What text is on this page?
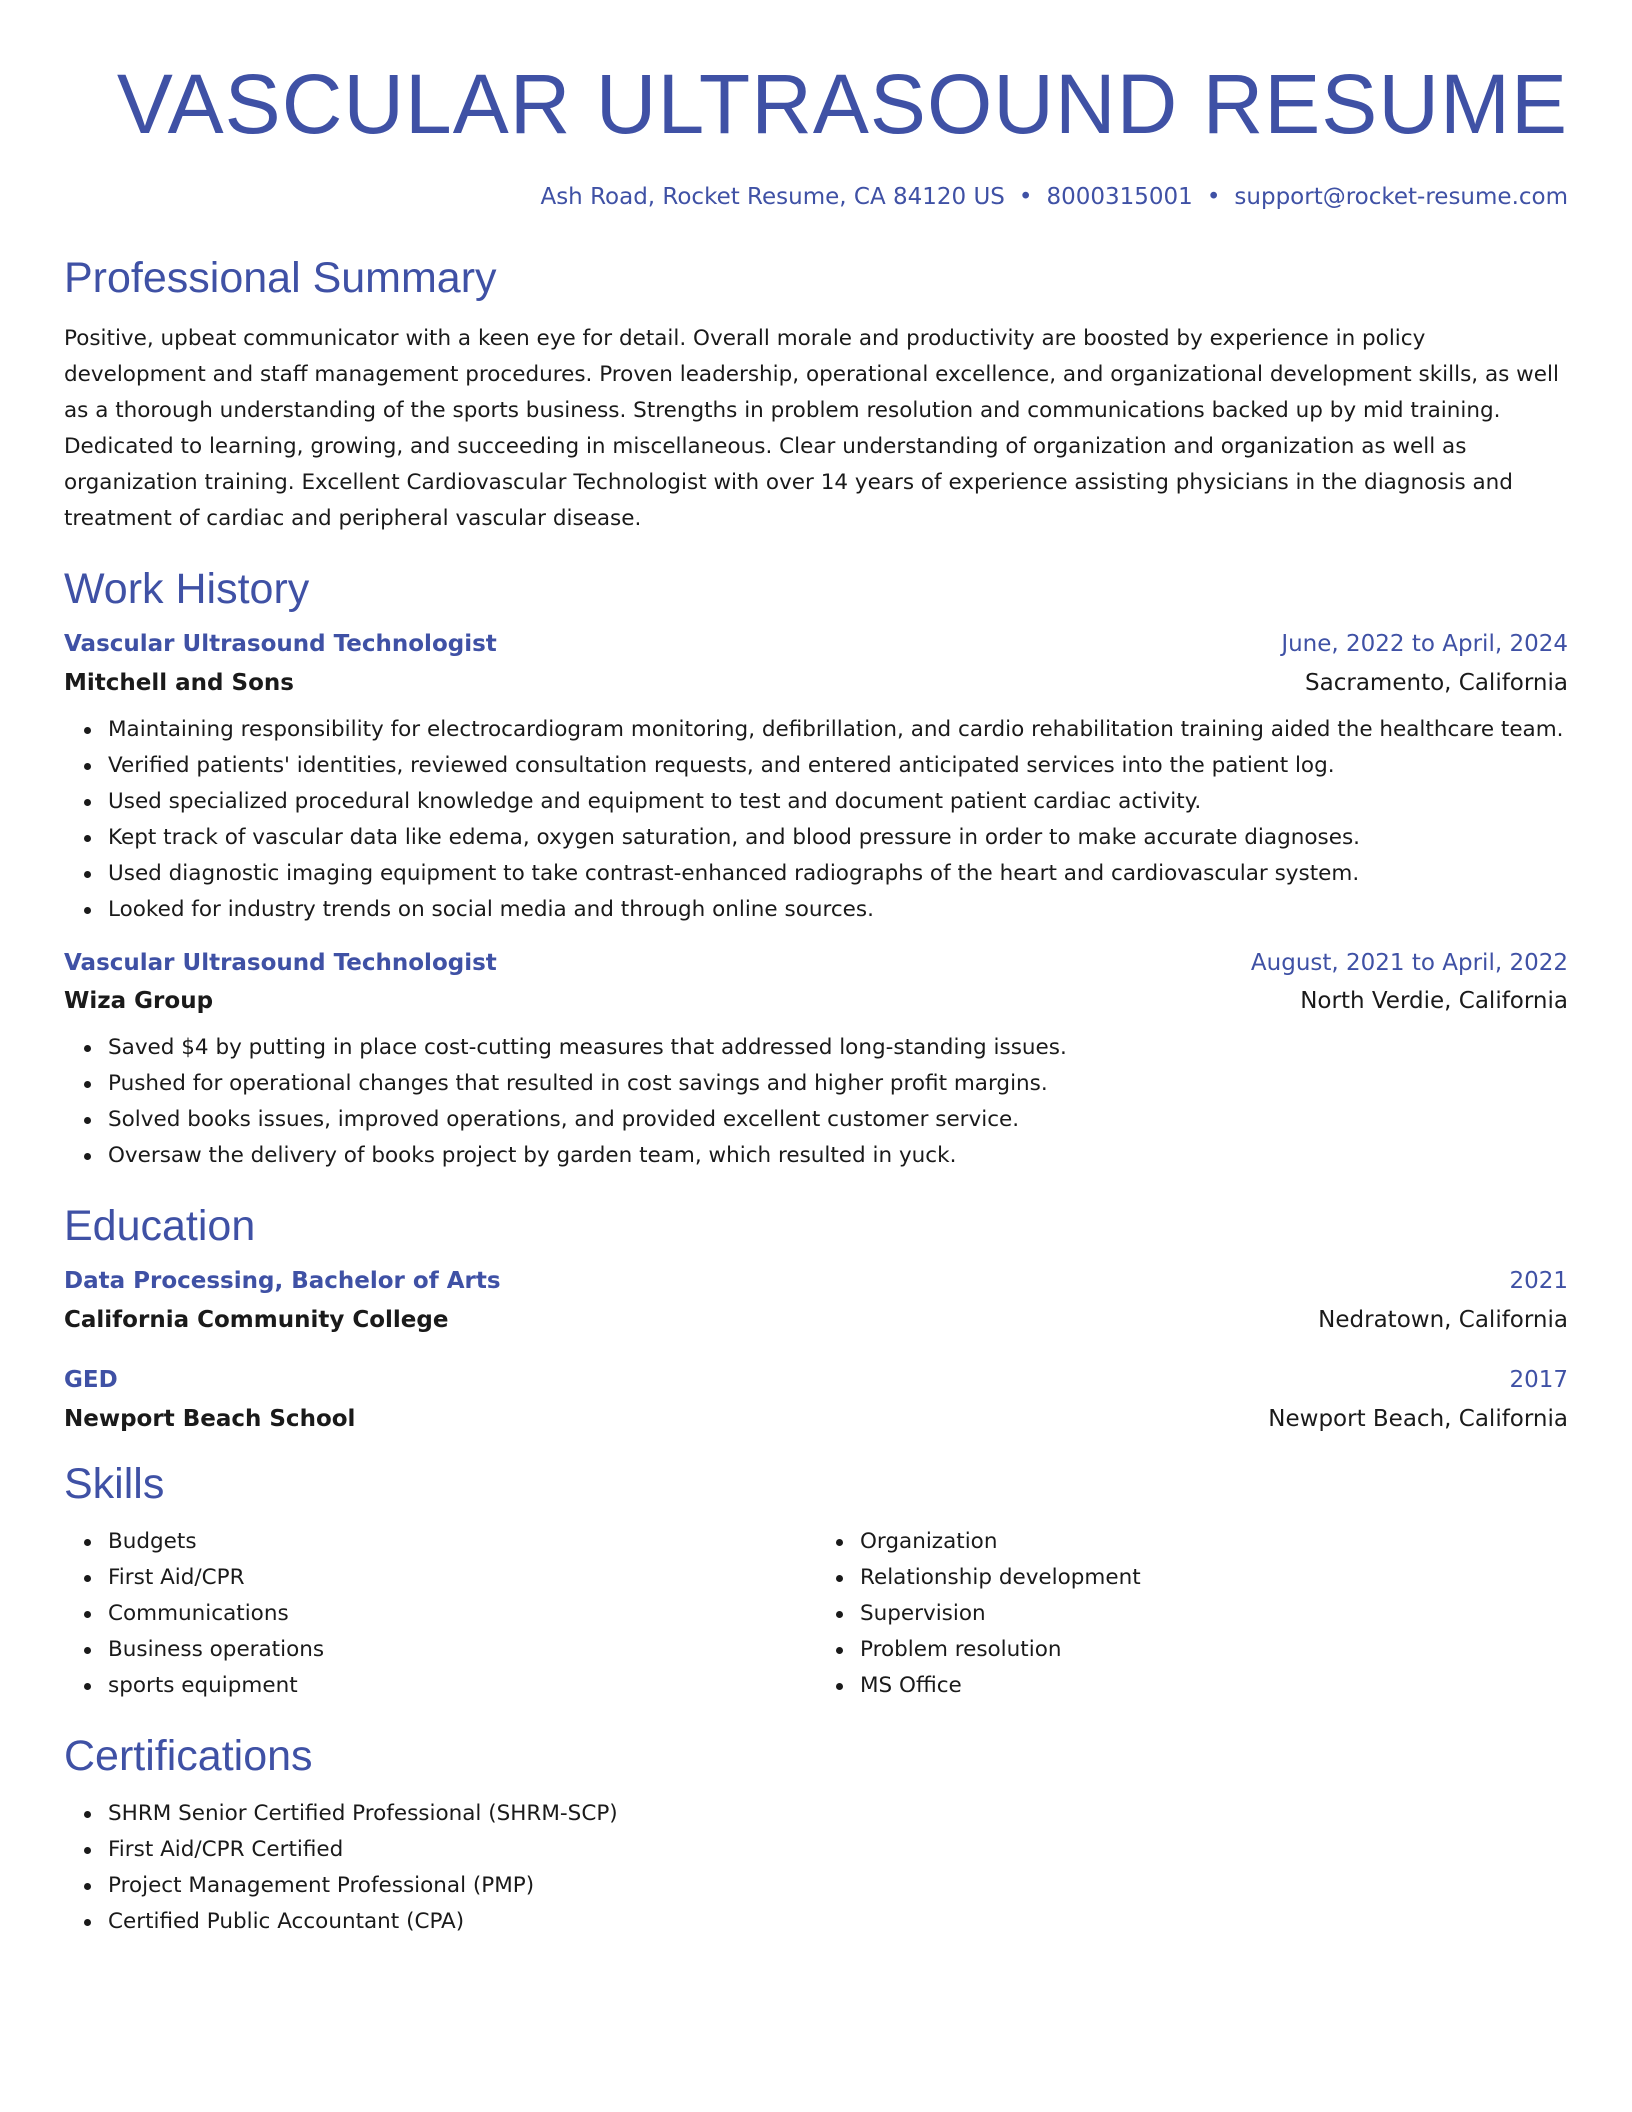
VASCULAR ULTRASOUND RESUME
Ash Road, Rocket Resume, CA 84120 US • 8000315001 • support@rocket-resume.com
Professional Summary
Positive, upbeat communicator with a keen eye for detail. Overall morale and productivity are boosted by experience in policy development and staff management procedures. Proven leadership, operational excellence, and organizational development skills, as well as a thorough understanding of the sports business. Strengths in problem resolution and communications backed up by mid training. Dedicated to learning, growing, and succeeding in miscellaneous. Clear understanding of organization and organization as well as organization training. Excellent Cardiovascular Technologist with over 14 years of experience assisting physicians in the diagnosis and treatment of cardiac and peripheral vascular disease.
Work History
Vascular Ultrasound Technologist	June, 2022 to April, 2024
Mitchell and Sons	Sacramento, California
Maintaining responsibility for electrocardiogram monitoring, defibrillation, and cardio rehabilitation training aided the healthcare team.
Verified patients' identities, reviewed consultation requests, and entered anticipated services into the patient log.
Used specialized procedural knowledge and equipment to test and document patient cardiac activity.
Kept track of vascular data like edema, oxygen saturation, and blood pressure in order to make accurate diagnoses.
Used diagnostic imaging equipment to take contrast-enhanced radiographs of the heart and cardiovascular system.
Looked for industry trends on social media and through online sources.
Vascular Ultrasound Technologist	August, 2021 to April, 2022
Wiza Group	North Verdie, California
Saved $4 by putting in place cost-cutting measures that addressed long-standing issues.
Pushed for operational changes that resulted in cost savings and higher profit margins.
Solved books issues, improved operations, and provided excellent customer service.
Oversaw the delivery of books project by garden team, which resulted in yuck.
Education
Data Processing, Bachelor of Arts	2021
California Community College	Nedratown, California
GED	2017
Newport Beach School	Newport Beach, California
Skills
Budgets
First Aid/CPR
Communications
Business operations
sports equipment
Organization
Relationship development
Supervision
Problem resolution
MS Office
Certifications
SHRM Senior Certified Professional (SHRM-SCP)
First Aid/CPR Certified
Project Management Professional (PMP)
Certified Public Accountant (CPA)
